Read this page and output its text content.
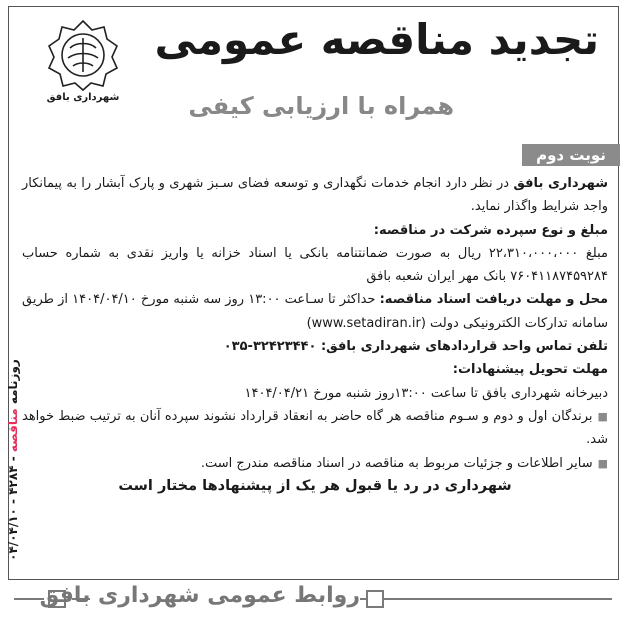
شهرداری بافق
تجدید مناقصه عمومی
همراه با ارزیابی کیفی
نوبت دوم

شهرداری بافق در نظر دارد انجام خدمات نگهداری و توسعه فضای سـبز شهری و پارک آبشار را به پیمانکار واجد شرایط واگذار نماید.

مبلغ و نوع سپرده شرکت در مناقصه:

مبلغ ۲۲،۳۱۰،۰۰۰،۰۰۰ ریال به صورت ضمانتنامه بانکی یا اسناد خزانه یا واریز نقدی به شماره حساب ۷۶۰۴۱۱۸۷۴۵۹۲۸۴ بانک مهر ایران شعبه بافق

محل و مهلت دریافت اسناد مناقصه: حداکثر تا سـاعت ۱۳:۰۰ روز سه شنبه مورخ ۱۴۰۴/۰۴/۱۰ از طریق سامانه تدارکات الکترونیکی دولت (www.setadiran.ir)

تلفن تماس واحد قراردادهای شهرداری بافق: ۳۲۴۲۳۴۴۰-۰۳۵

مهلت تحویل پیشنهادات:

دبیرخانه شهرداری بافق تا ساعت ۱۳:۰۰روز شنبه مورخ ۱۴۰۴/۰۴/۲۱

■ برندگان اول و دوم و سـوم مناقصه هر گاه حاضر به انعقاد قرارداد نشوند سپرده آنان به ترتیب ضبط خواهد شد.

■ سایر اطلاعات و جزئیات مربوط به مناقصه در اسناد مناقصه مندرج است.

شهرداری در رد یا قبول هر یک از پیشنهادها مختار است

روزنامه مناقصه - ۴۲۸۴ - ۰۴/۰۴/۱۰
روابط عمومی شهرداری بافق
